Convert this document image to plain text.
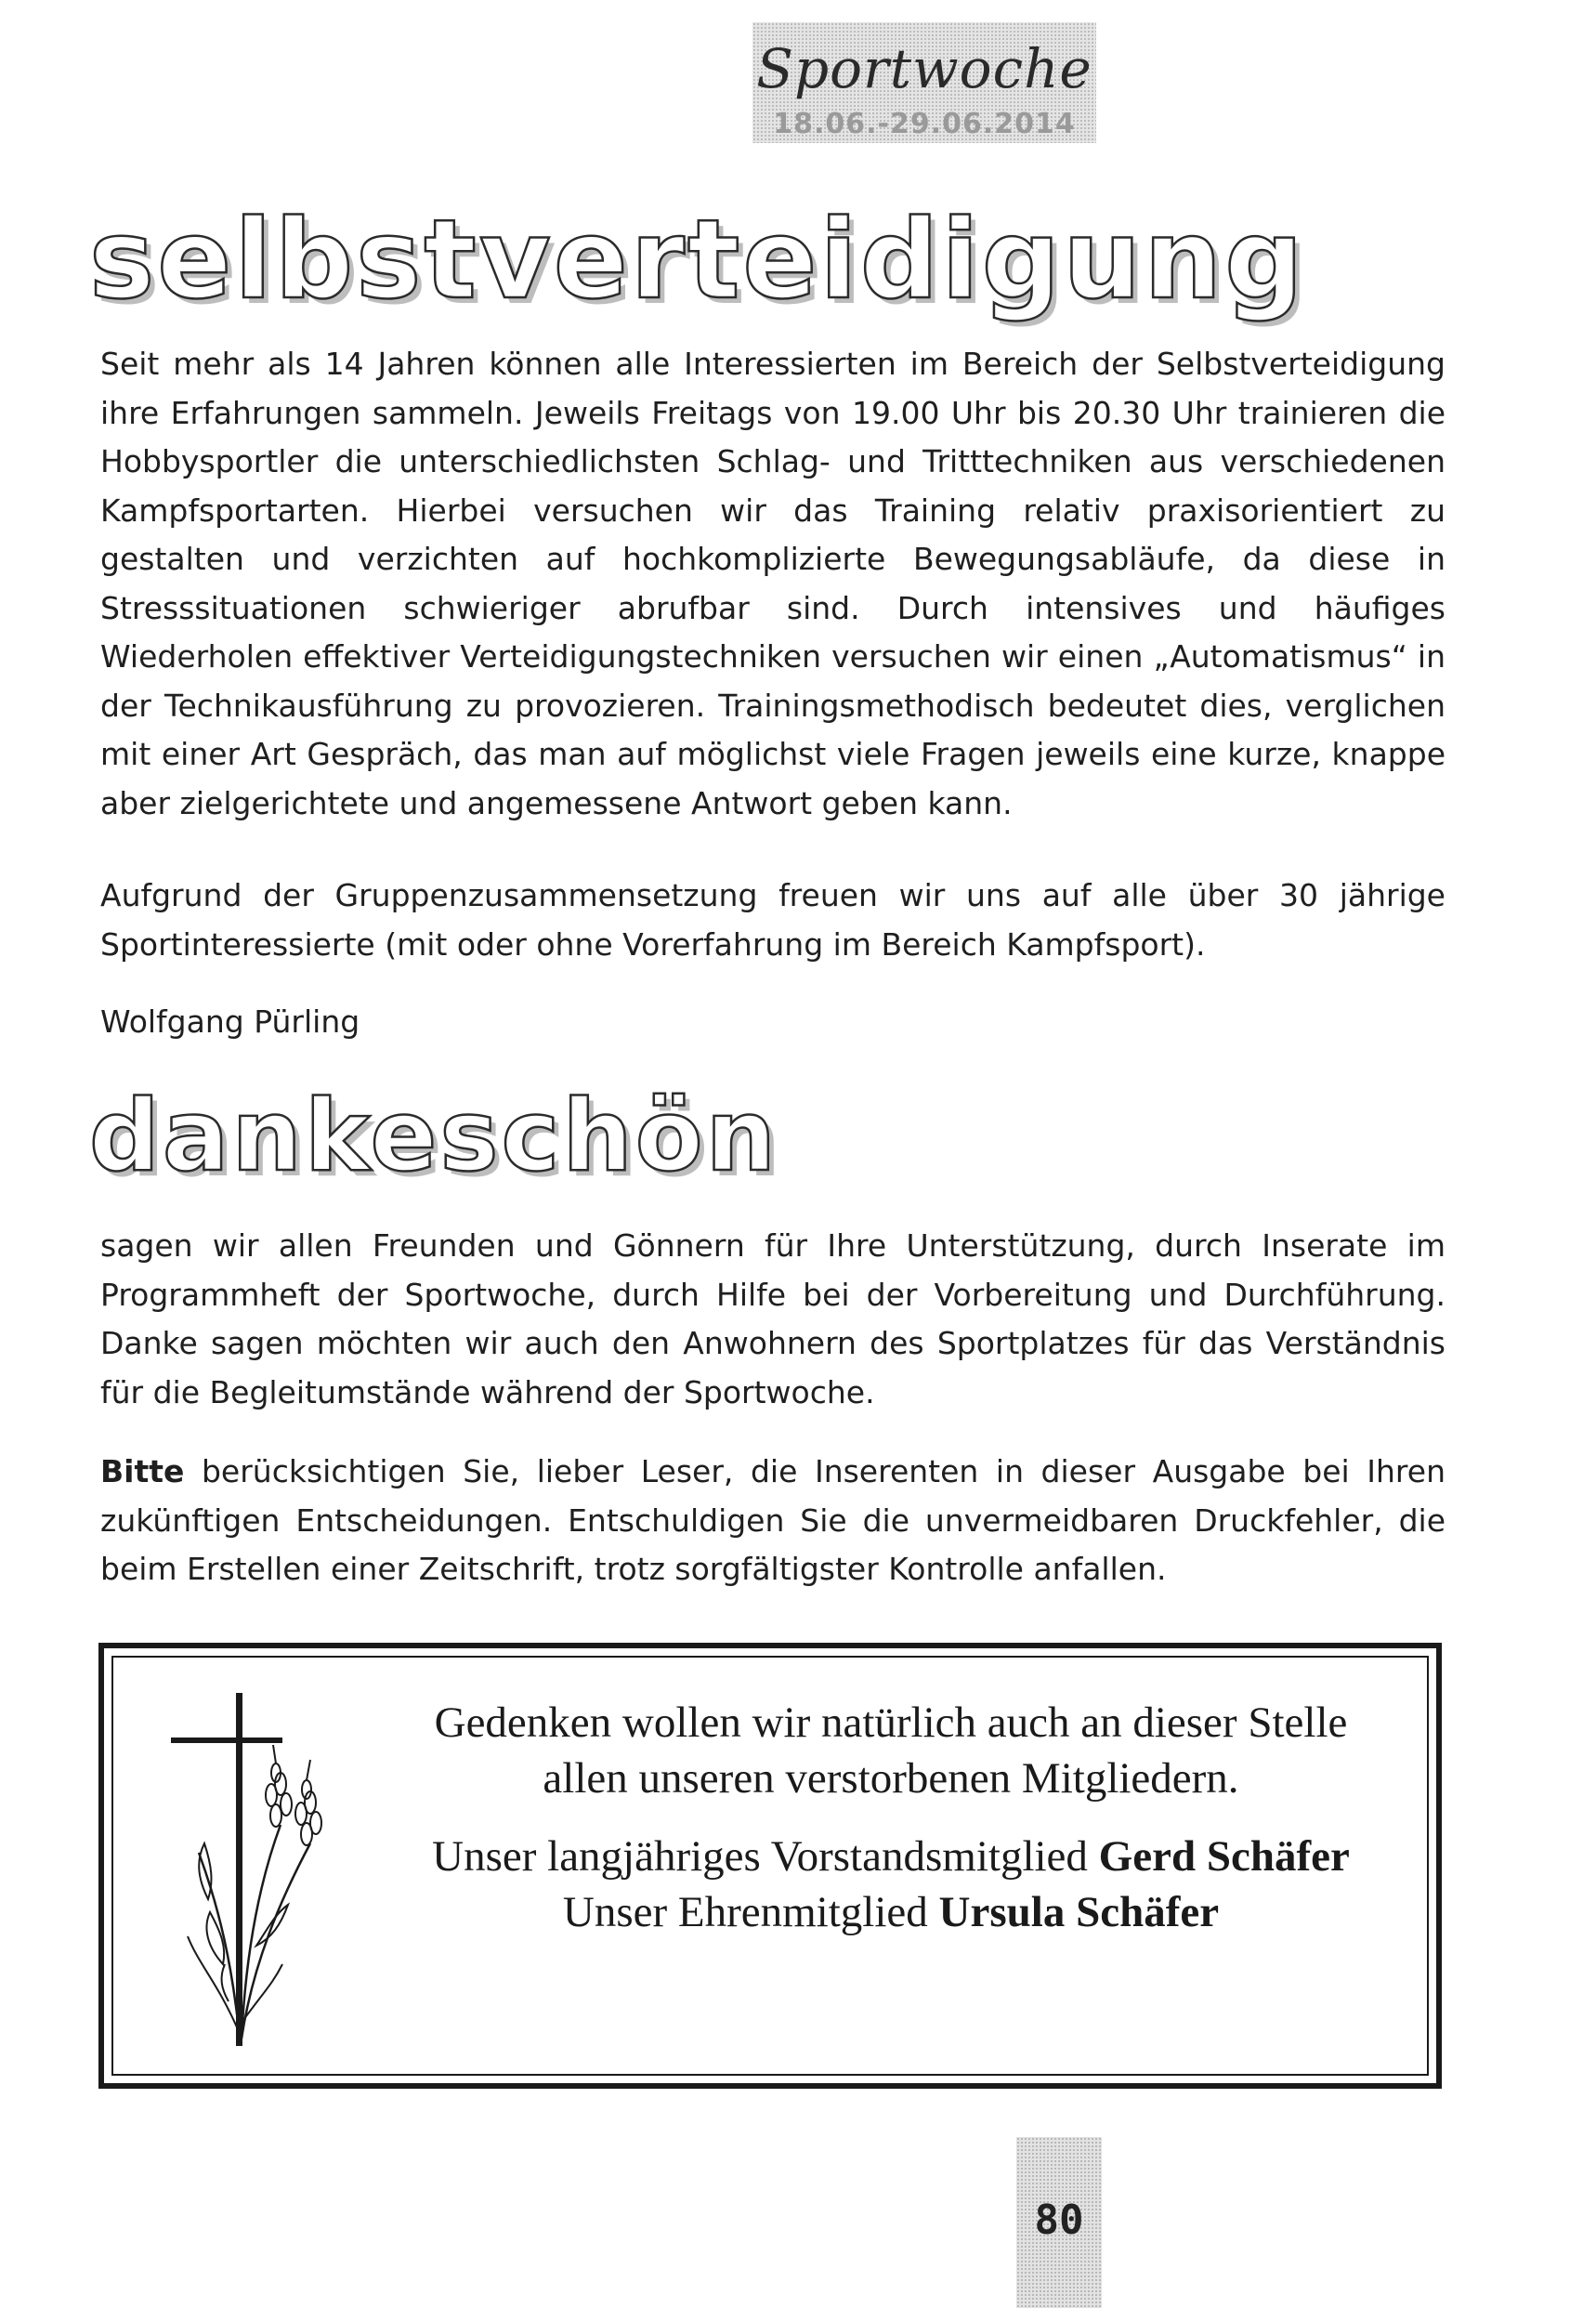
Sportwoche
18.06.-29.06.2014
selbstverteidigung

Seit mehr als 14 Jahren können alle Interessierten im Bereich der Selbstverteidigung ihre Erfahrungen sammeln. Jeweils Freitags von 19.00 Uhr bis 20.30 Uhr trainieren die Hobbysportler die unterschiedlichsten Schlag- und Tritttechniken aus verschiedenen Kampfsportarten. Hierbei versuchen wir das Training relativ praxisorientiert zu gestalten und verzichten auf hochkomplizierte Bewegungsabläufe, da diese in Stresssituationen schwieriger abrufbar sind. Durch intensives und häufiges Wiederholen effektiver Verteidigungstechniken versuchen wir einen „Automatismus“ in der Technikausführung zu provozieren. Trainingsmethodisch bedeutet dies, verglichen mit einer Art Gespräch, das man auf möglichst viele Fragen jeweils eine kurze, knappe aber zielgerichtete und angemessene Antwort geben kann.

Aufgrund der Gruppenzusammensetzung freuen wir uns auf alle über 30 jährige Sportinteressierte (mit oder ohne Vorerfahrung im Bereich Kampfsport).

Wolfgang Pürling

dankeschön

sagen wir allen Freunden und Gönnern für Ihre Unterstützung, durch Inserate im Programmheft der Sportwoche, durch Hilfe bei der Vorbereitung und Durchführung. Danke sagen möchten wir auch den Anwohnern des Sportplatzes für das Verständnis für die Begleitumstände während der Sportwoche.

Bitte berücksichtigen Sie, lieber Leser, die Inserenten in dieser Ausgabe bei Ihren zukünftigen Entscheidungen. Entschuldigen Sie die unvermeidbaren Druckfehler, die beim Erstellen einer Zeitschrift, trotz sorgfältigster Kontrolle anfallen.

Gedenken wollen wir natürlich auch an dieser Stelle
allen unseren verstorbenen Mitgliedern.
Unser langjähriges Vorstandsmitglied Gerd Schäfer
Unser Ehrenmitglied Ursula Schäfer
80
